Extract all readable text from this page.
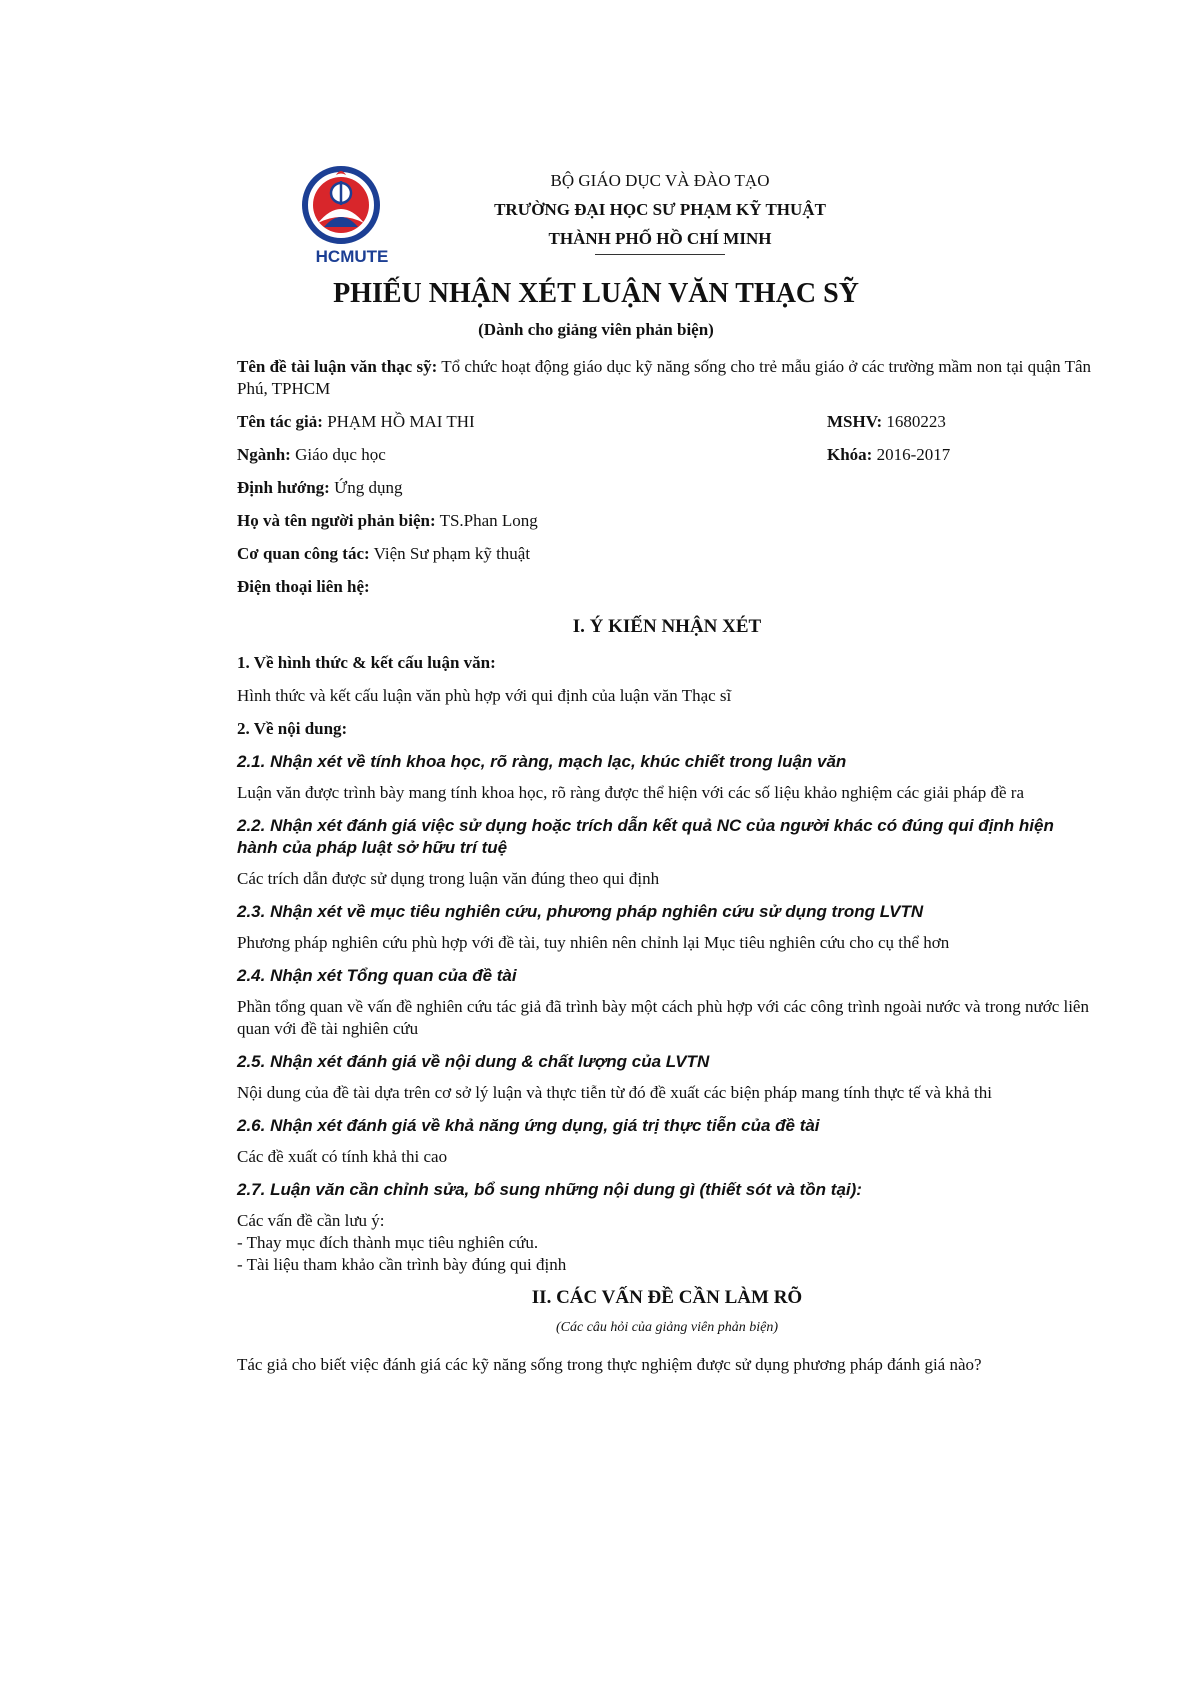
HCMUTE
BỘ GIÁO DỤC VÀ ĐÀO TẠO
TRƯỜNG ĐẠI HỌC SƯ PHẠM KỸ THUẬT
THÀNH PHỐ HỒ CHÍ MINH
PHIẾU NHẬN XÉT LUẬN VĂN THẠC SỸ
(Dành cho giảng viên phản biện)
Tên đề tài luận văn thạc sỹ: Tổ chức hoạt động giáo dục kỹ năng sống cho trẻ mẫu giáo ở các trường mầm non tại quận Tân Phú, TPHCM
Tên tác giả: PHẠM HỒ MAI THI	MSHV: 1680223
Ngành: Giáo dục học	Khóa: 2016-2017
Định hướng: Ứng dụng
Họ và tên người phản biện: TS.Phan Long
Cơ quan công tác: Viện Sư phạm kỹ thuật
Điện thoại liên hệ:
I. Ý KIẾN NHẬN XÉT
1. Về hình thức & kết cấu luận văn:
Hình thức và kết cấu luận văn phù hợp với qui định của luận văn Thạc sĩ
2. Về nội dung:
2.1. Nhận xét về tính khoa học, rõ ràng, mạch lạc, khúc chiết trong luận văn
Luận văn được trình bày mang tính khoa học, rõ ràng được thể hiện với các số liệu khảo nghiệm các giải pháp đề ra
2.2. Nhận xét đánh giá việc sử dụng hoặc trích dẫn kết quả NC của người khác có đúng qui định hiện hành của pháp luật sở hữu trí tuệ
Các trích dẫn được sử dụng trong luận văn đúng theo qui định
2.3. Nhận xét về mục tiêu nghiên cứu, phương pháp nghiên cứu sử dụng trong LVTN
Phương pháp nghiên cứu phù hợp với đề tài, tuy nhiên nên chỉnh lại Mục tiêu nghiên cứu cho cụ thể hơn
2.4. Nhận xét Tổng quan của đề tài
Phần tổng quan về vấn đề nghiên cứu tác giả đã trình bày một cách phù hợp với các công trình ngoài nước và trong nước liên quan với đề tài nghiên cứu
2.5. Nhận xét đánh giá về nội dung & chất lượng của LVTN
Nội dung của đề tài dựa trên cơ sở lý luận và thực tiễn từ đó đề xuất các biện pháp mang tính thực tế và khả thi
2.6. Nhận xét đánh giá về khả năng ứng dụng, giá trị thực tiễn của đề tài
Các đề xuất có tính khả thi cao
2.7. Luận văn cần chỉnh sửa, bổ sung những nội dung gì (thiết sót và tồn tại):
Các vấn đề cần lưu ý:
- Thay mục đích thành mục tiêu nghiên cứu.
- Tài liệu tham khảo cần trình bày đúng qui định
II. CÁC VẤN ĐỀ CẦN LÀM RÕ
(Các câu hỏi của giảng viên phản biện)
Tác giả cho biết việc đánh giá các kỹ năng sống trong thực nghiệm được sử dụng phương pháp đánh giá nào?
